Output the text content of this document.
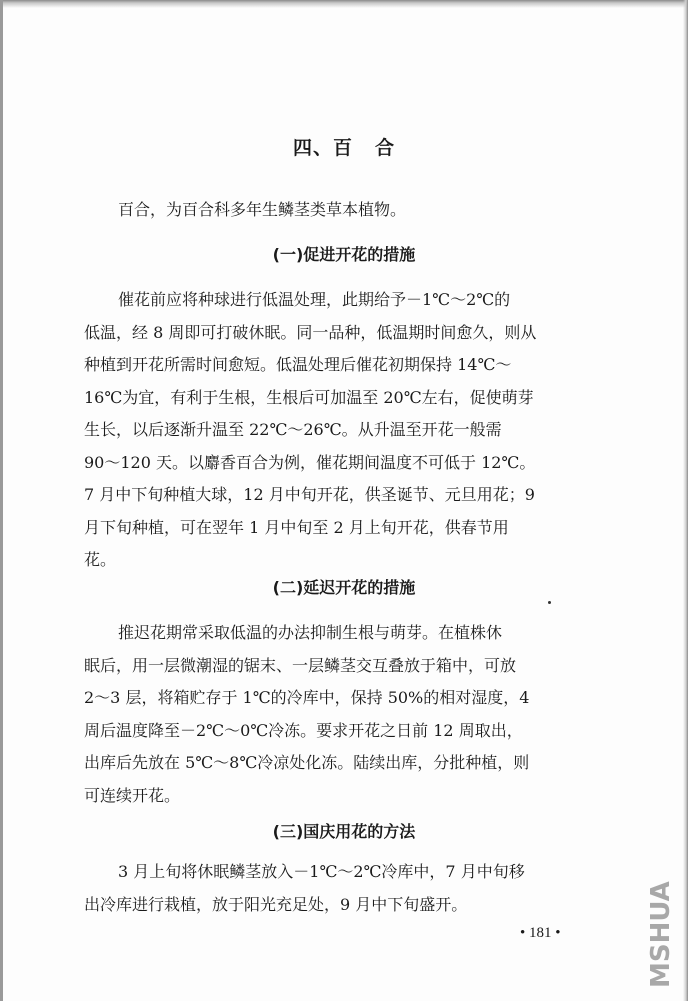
四、百 合
百合，为百合科多年生鳞茎类草本植物。
(一)促进开花的措施
催花前应将种球进行低温处理，此期给予－1℃～2℃的
低温，经 8 周即可打破休眠。同一品种，低温期时间愈久，则从
种植到开花所需时间愈短。低温处理后催花初期保持 14℃～
16℃为宜，有利于生根，生根后可加温至 20℃左右，促使萌芽
生长，以后逐渐升温至 22℃～26℃。从升温至开花一般需
90～120 天。以麝香百合为例，催花期间温度不可低于 12℃。
7 月中下旬种植大球，12 月中旬开花，供圣诞节、元旦用花；9
月下旬种植，可在翌年 1 月中旬至 2 月上旬开花，供春节用
花。
(二)延迟开花的措施
推迟花期常采取低温的办法抑制生根与萌芽。在植株休
眠后，用一层微潮湿的锯末、一层鳞茎交互叠放于箱中，可放
2～3 层，将箱贮存于 1℃的冷库中，保持 50%的相对湿度，4
周后温度降至－2℃～0℃冷冻。要求开花之日前 12 周取出，
出库后先放在 5℃～8℃冷凉处化冻。陆续出库，分批种植，则
可连续开花。
(三)国庆用花的方法
3 月上旬将休眠鳞茎放入－1℃～2℃冷库中，7 月中旬移
出冷库进行栽植，放于阳光充足处，9 月中下旬盛开。
• 181 •	MSHUA
